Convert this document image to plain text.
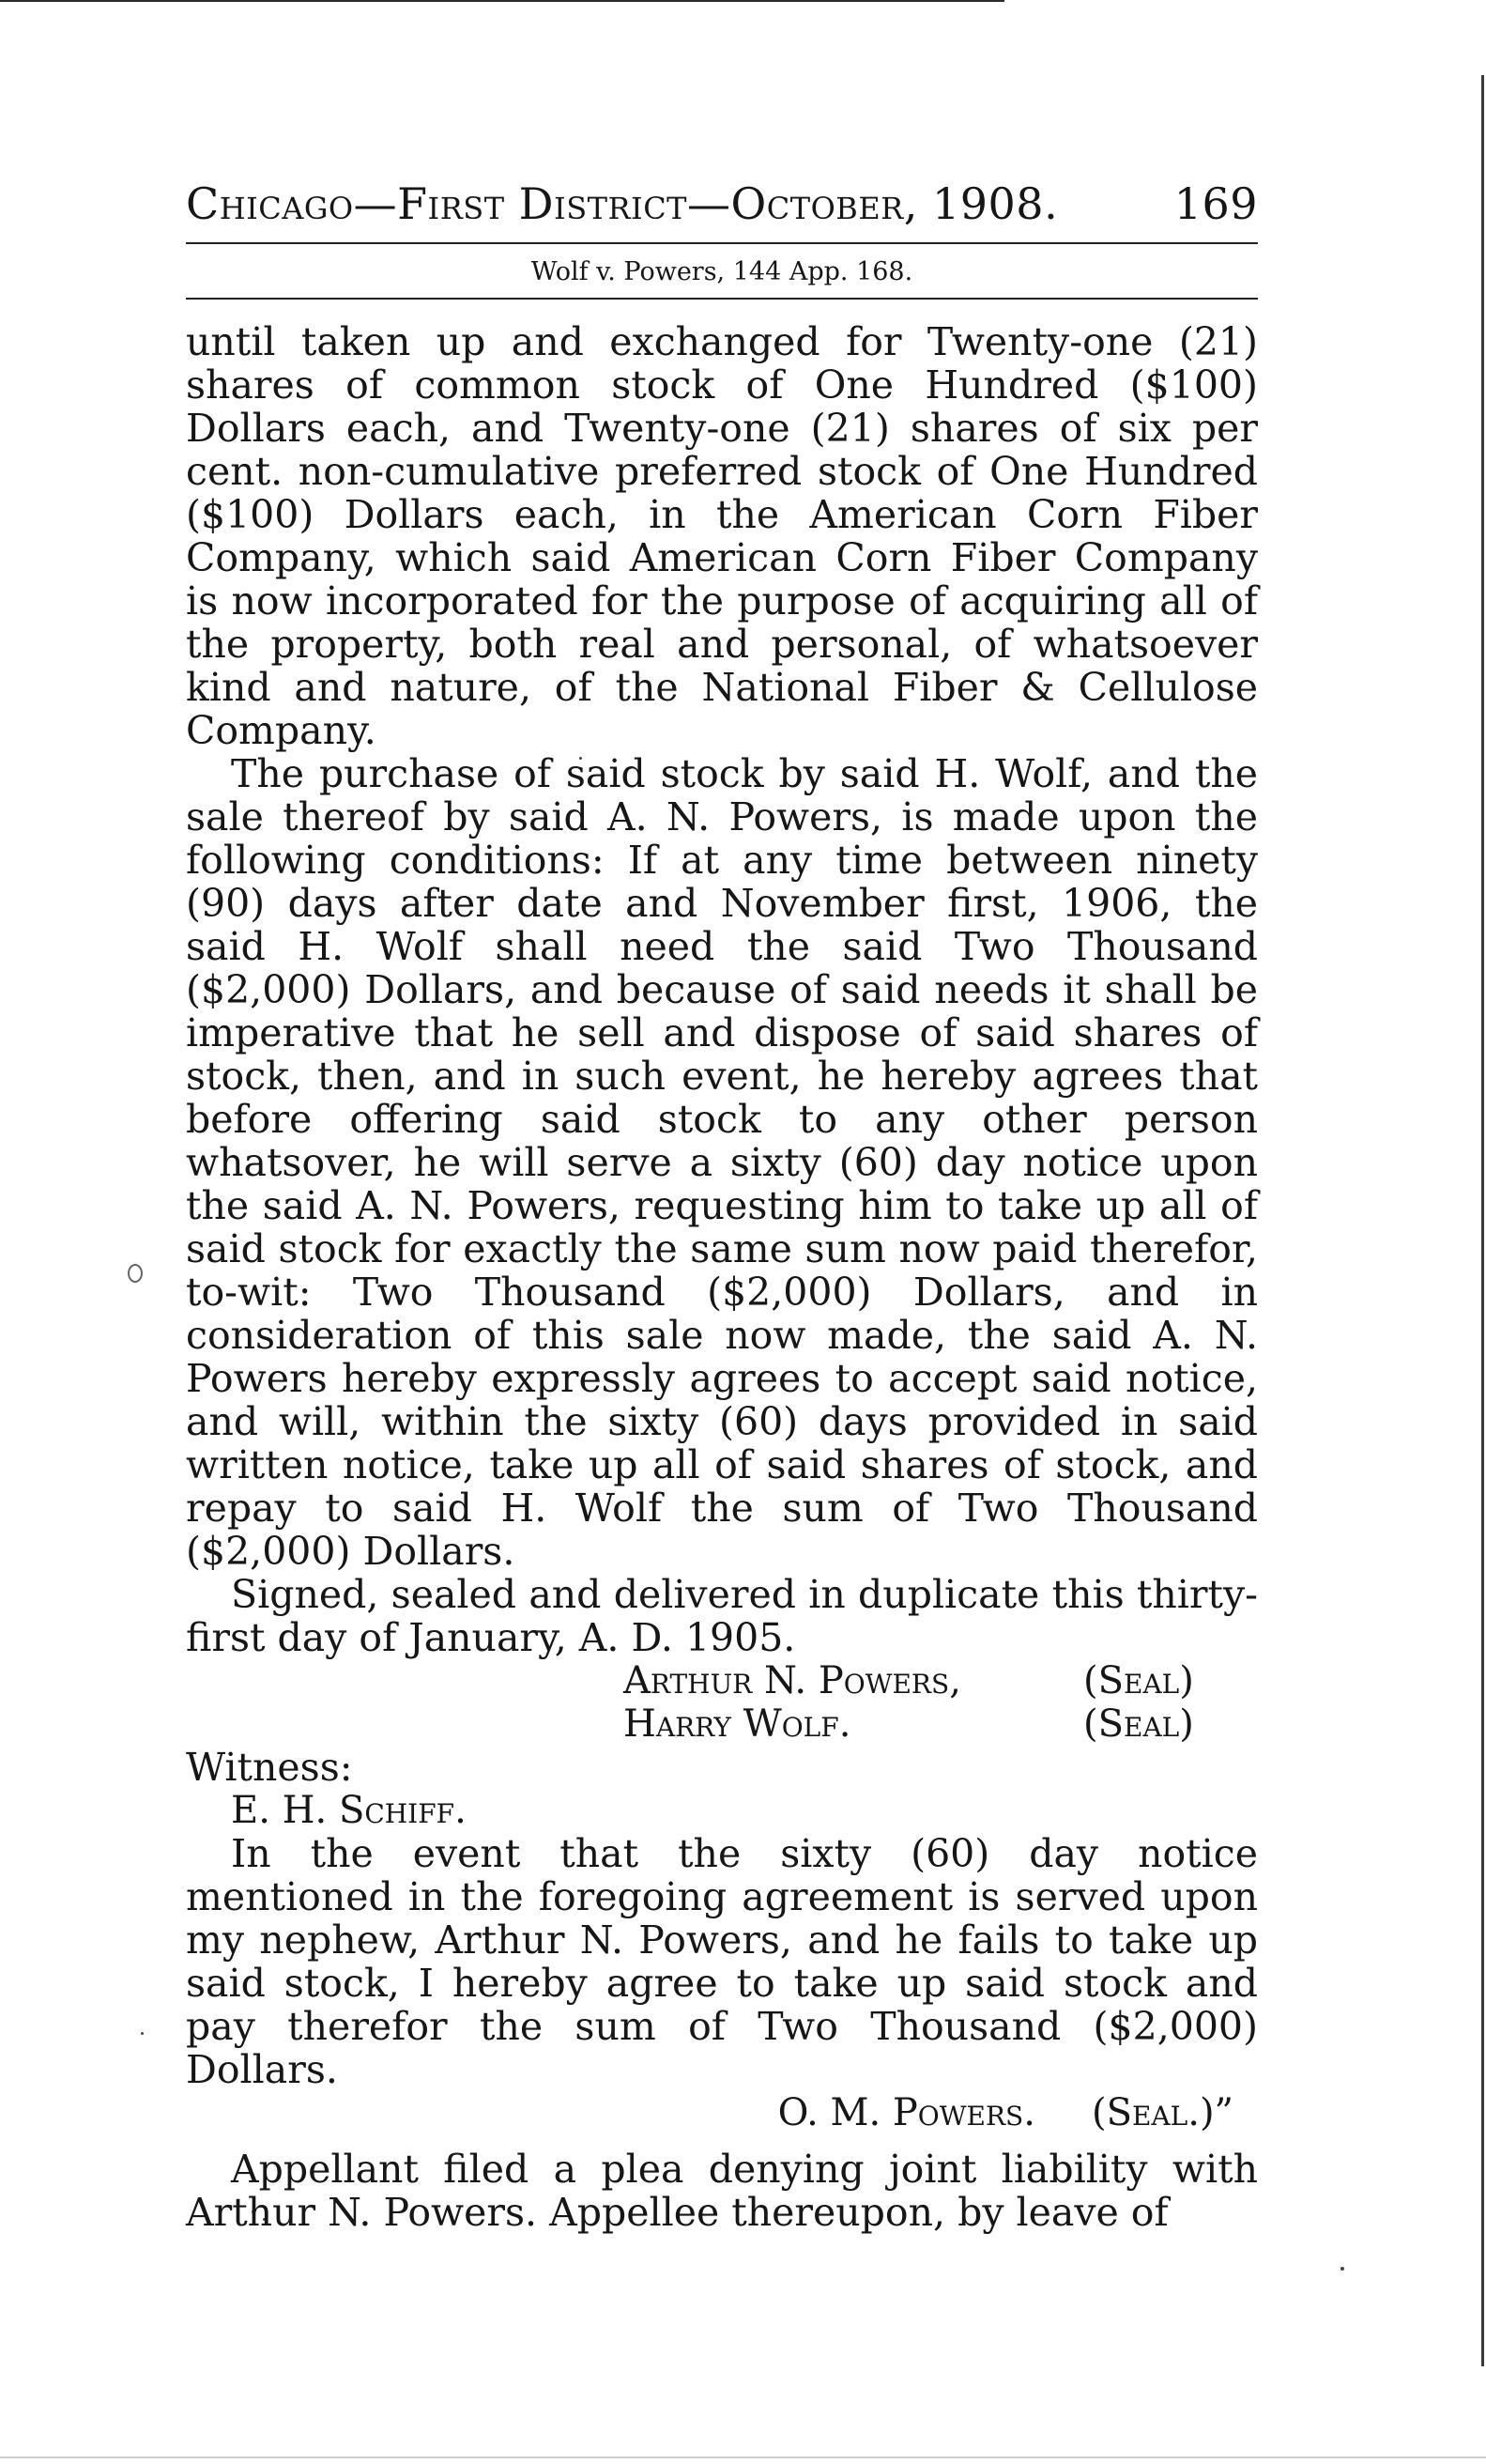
Chicago—First District—October, 1908.	169
Wolf v. Powers, 144 App. 168.

until taken up and exchanged for Twenty-one (21) shares of common stock of One Hundred ($100) Dollars each, and Twenty-one (21) shares of six per cent. non-cumulative preferred stock of One Hundred ($100) Dollars each, in the American Corn Fiber Company, which said American Corn Fiber Company is now incorporated for the purpose of acquiring all of the property, both real and personal, of whatsoever kind and nature, of the National Fiber & Cellulose Company.

The purchase of said stock by said H. Wolf, and the sale thereof by said A. N. Powers, is made upon the following conditions: If at any time between ninety (90) days after date and November first, 1906, the said H. Wolf shall need the said Two Thousand ($2,000) Dollars, and because of said needs it shall be imperative that he sell and dispose of said shares of stock, then, and in such event, he hereby agrees that before offering said stock to any other person whatsover, he will serve a sixty (60) day notice upon the said A. N. Powers, requesting him to take up all of said stock for exactly the same sum now paid therefor, to-wit: Two Thousand ($2,000) Dollars, and in consideration of this sale now made, the said A. N. Powers hereby expressly agrees to accept said notice, and will, within the sixty (60) days provided in said written notice, take up all of said shares of stock, and repay to said H. Wolf the sum of Two Thousand ($2,000) Dollars.

Signed, sealed and delivered in duplicate this thirty-first day of January, A. D. 1905.

Arthur N. Powers,	(Seal)
Harry Wolf.	(Seal)
Witness:
E. H. Schiff.

In the event that the sixty (60) day notice mentioned in the foregoing agreement is served upon my nephew, Arthur N. Powers, and he fails to take up said stock, I hereby agree to take up said stock and pay therefor the sum of Two Thousand ($2,000) Dollars.

O. M. Powers. (Seal.)”

Appellant filed a plea denying joint liability with Arthur N. Powers. Appellee thereupon, by leave of
